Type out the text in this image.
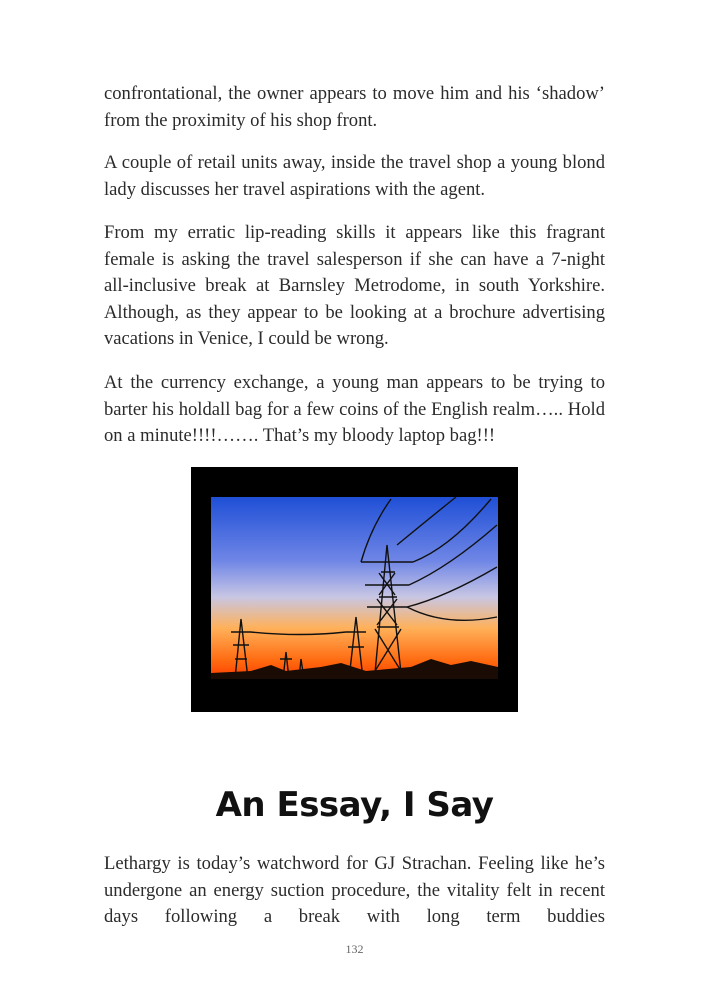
confrontational, the owner appears to move him and his ‘shadow’ from the proximity of his shop front.

A couple of retail units away, inside the travel shop a young blond lady discusses her travel aspirations with the agent.

From my erratic lip-reading skills it appears like this fragrant female is asking the travel salesperson if she can have a 7-night all-inclusive break at Barnsley Metrodome, in south Yorkshire. Although, as they appear to be looking at a brochure advertising vacations in Venice, I could be wrong.

At the currency exchange, a young man appears to be trying to barter his holdall bag for a few coins of the English realm….. Hold on a minute!!!!……. That’s my bloody laptop bag!!!

An Essay, I Say

Lethargy is today’s watchword for GJ Strachan. Feeling like he’s undergone an energy suction procedure, the vitality felt in recent days following a break with long term buddies

132
